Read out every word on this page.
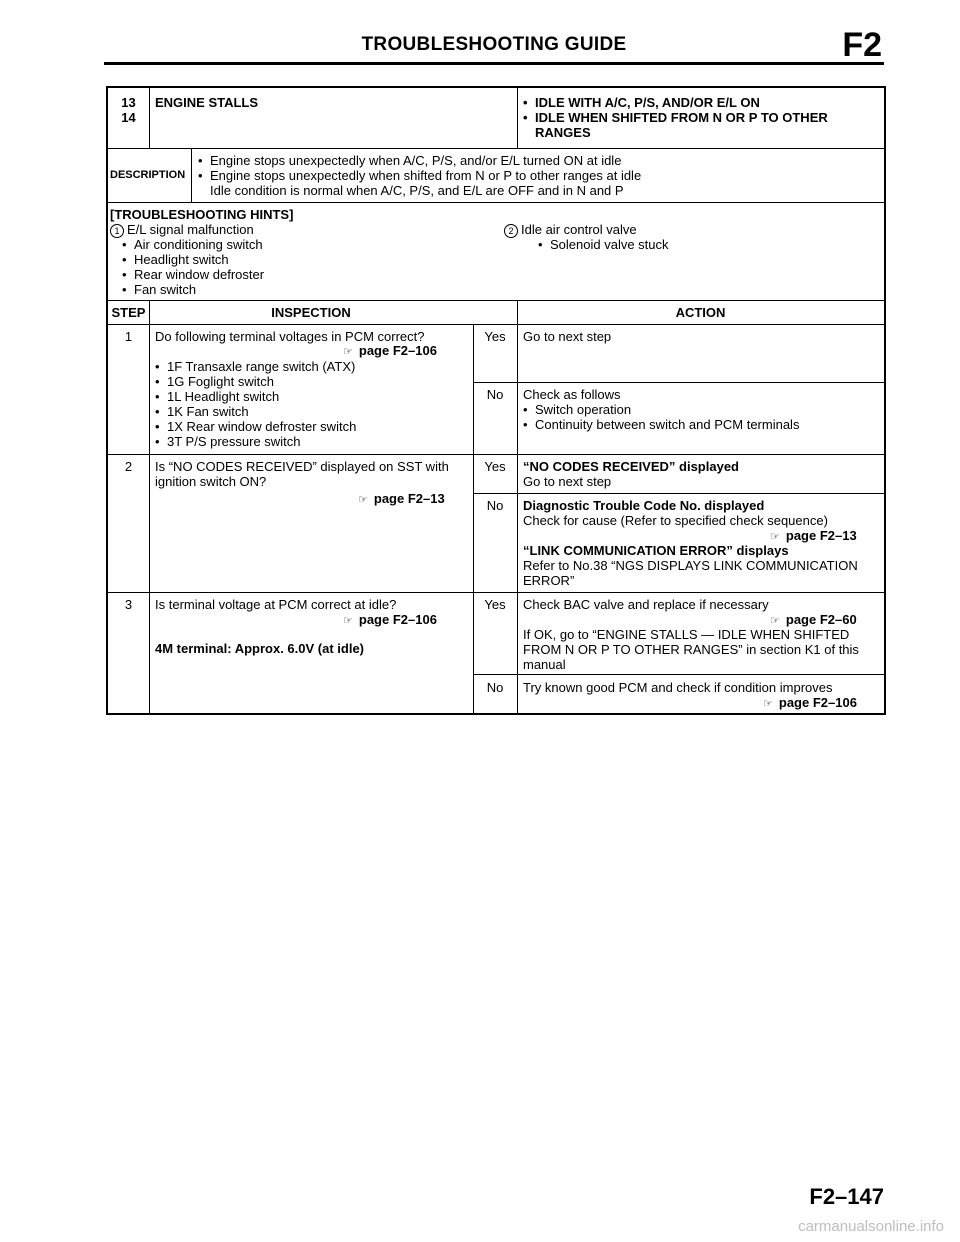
TROUBLESHOOTING GUIDE	F2
13
14
ENGINE STALLS
•	IDLE WITH A/C, P/S, AND/OR E/L ON
• IDLE WHEN SHIFTED FROM N OR P TO OTHER
RANGES
DESCRIPTION
• Engine stops unexpectedly when A/C, P/S, and/or E/L turned ON at idle
• Engine stops unexpectedly when shifted from N or P to other ranges at idle
Idle condition is normal when A/C, P/S, and E/L are OFF and in N and P
[TROUBLESHOOTING HINTS]
1 E/L signal malfunction
• Air conditioning switch
• Headlight switch
• Rear window defroster
• Fan switch
2 Idle air control valve
• Solenoid valve stuck
STEP	INSPECTION	ACTION
1	Do following terminal voltages in PCM correct?
☞ page F2–106
• 1F Transaxle range switch (ATX)
• 1G Foglight switch
• 1L Headlight switch
• 1K Fan switch
• 1X Rear window defroster switch
• 3T P/S pressure switch
Yes	Go to next step
No	Check as follows
• Switch operation
• Continuity between switch and PCM terminals
2	Is “NO CODES RECEIVED” displayed on SST with
ignition switch ON?
☞ page F2–13
Yes	“NO CODES RECEIVED” displayed
Go to next step
No	Diagnostic Trouble Code No. displayed
Check for cause (Refer to specified check sequence)
☞ page F2–13
“LINK COMMUNICATION ERROR” displays
Refer to No.38 “NGS DISPLAYS LINK COMMUNICATION
ERROR”
3	Is terminal voltage at PCM correct at idle?
☞ page F2–106
4M terminal: Approx. 6.0V (at idle)
Yes	Check BAC valve and replace if necessary
☞ page F2–60
If OK, go to “ENGINE STALLS — IDLE WHEN SHIFTED
FROM N OR P TO OTHER RANGES” in section K1 of this
manual
No	Try known good PCM and check if condition improves
☞ page F2–106
F2–147
carmanualsonline.info
